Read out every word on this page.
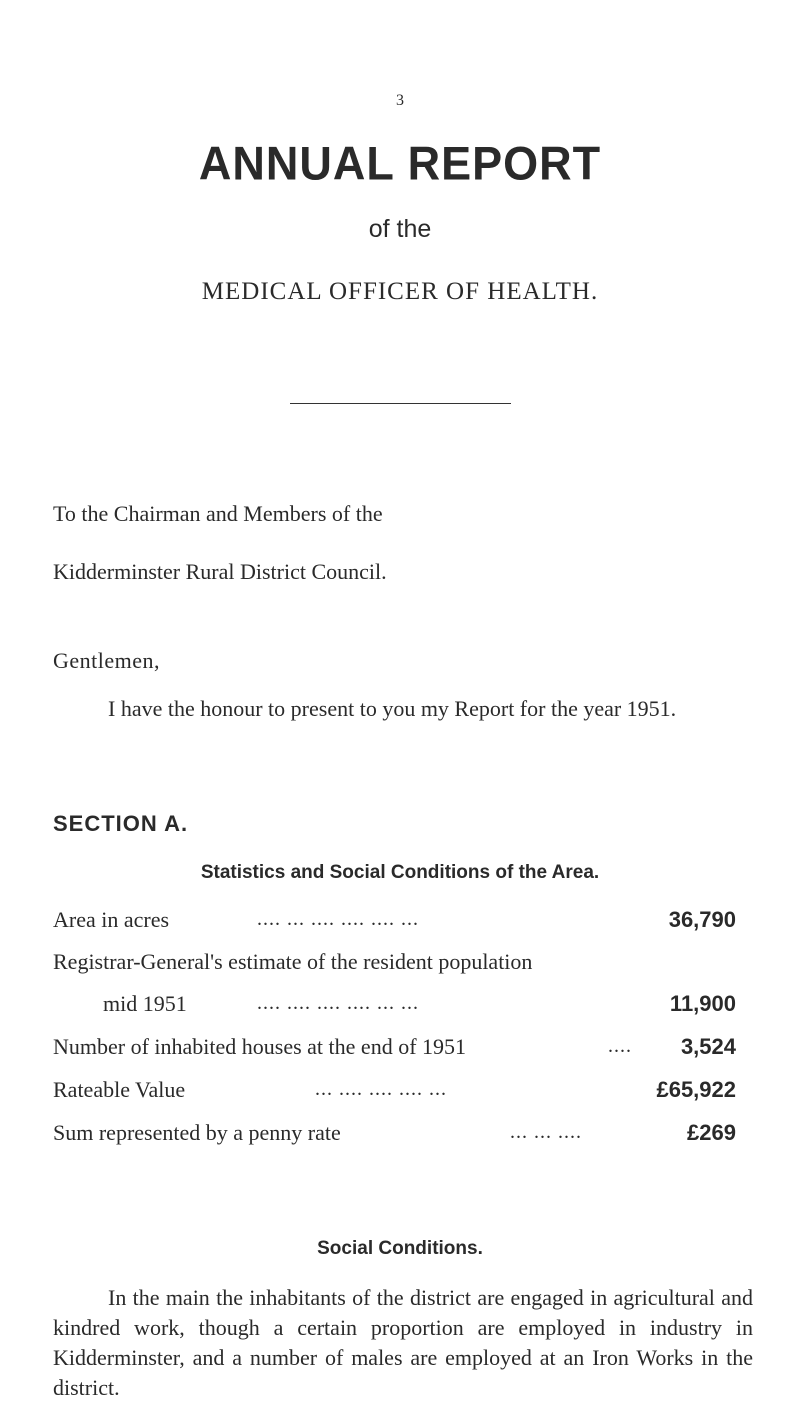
3
ANNUAL REPORT
of the
MEDICAL OFFICER OF HEALTH.
To the Chairman and Members of the
Kidderminster Rural District Council.
Gentlemen,
I have the honour to present to you my Report for the year 1951.
SECTION A.
Statistics and Social Conditions of the Area.
Area in acres	.... ... .... .... .... ...	36,790
Registrar-General's estimate of the resident population
mid 1951	.... .... .... .... ... ...	11,900
Number of inhabited houses at the end of 1951	.... 3,524
Rateable Value	... .... .... .... ...	£65,922
Sum represented by a penny rate	... ... ....	£269
Social Conditions.
In the main the inhabitants of the district are engaged in agricultural and kindred work, though a certain proportion are employed in industry in Kidderminster, and a number of males are employed at an Iron Works in the district.
